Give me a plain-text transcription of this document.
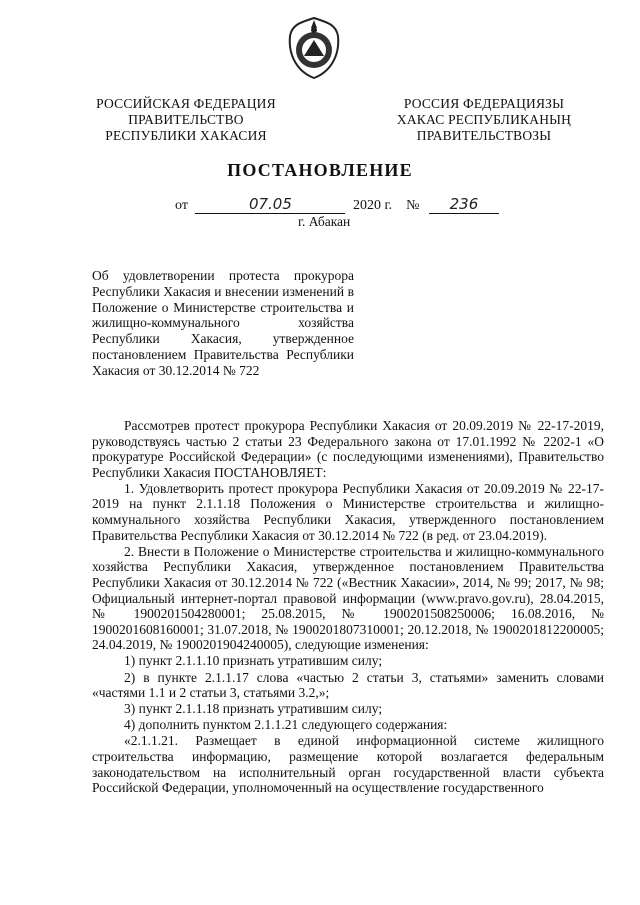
РОССИЙСКАЯ ФЕДЕРАЦИЯ
ПРАВИТЕЛЬСТВО
РЕСПУБЛИКИ ХАКАСИЯ
РОССИЯ ФЕДЕРАЦИЯЗЫ
ХАКАС РЕСПУБЛИКАНЫҢ
ПРАВИТЕЛЬСТВОЗЫ
ПОСТАНОВЛЕНИЕ
от	07.05	2020 г. № 236
г. Абакан
Об удовлетворении протеста прокурора Республики Хакасия и внесении изменений в Положение о Министерстве строительства и жилищно-коммунального хозяйства Республики Хакасия, утвержденное постановлением Правительства Республики Хакасия от 30.12.2014 № 722

Рассмотрев протест прокурора Республики Хакасия от 20.09.2019 № 22-17-2019, руководствуясь частью 2 статьи 23 Федерального закона от 17.01.1992 № 2202-1 «О прокуратуре Российской Федерации» (с последующими изменениями), Правительство Республики Хакасия ПОСТАНОВЛЯЕТ:

1. Удовлетворить протест прокурора Республики Хакасия от 20.09.2019 № 22-17-2019 на пункт 2.1.1.18 Положения о Министерстве строительства и жилищно-коммунального хозяйства Республики Хакасия, утвержденного постановлением Правительства Республики Хакасия от 30.12.2014 № 722 (в ред. от 23.04.2019).

2. Внести в Положение о Министерстве строительства и жилищно-коммунального хозяйства Республики Хакасия, утвержденное постановлением Правительства Республики Хакасия от 30.12.2014 № 722 («Вестник Хакасии», 2014, № 99; 2017, № 98; Официальный интернет-портал правовой информации (www.pravo.gov.ru), 28.04.2015, № 1900201504280001; 25.08.2015, № 1900201508250006; 16.08.2016, № 1900201608160001; 31.07.2018, № 1900201807310001; 20.12.2018, № 1900201812200005; 24.04.2019, № 1900201904240005), следующие изменения:

1) пункт 2.1.1.10 признать утратившим силу;

2) в пункте 2.1.1.17 слова «частью 2 статьи 3, статьями» заменить словами «частями 1.1 и 2 статьи 3, статьями 3.2,»;

3) пункт 2.1.1.18 признать утратившим силу;

4) дополнить пунктом 2.1.1.21 следующего содержания:

«2.1.1.21. Размещает в единой информационной системе жилищного строительства информацию, размещение которой возлагается федеральным законодательством на исполнительный орган государственной власти субъекта Российской Федерации, уполномоченный на осуществление государственного
